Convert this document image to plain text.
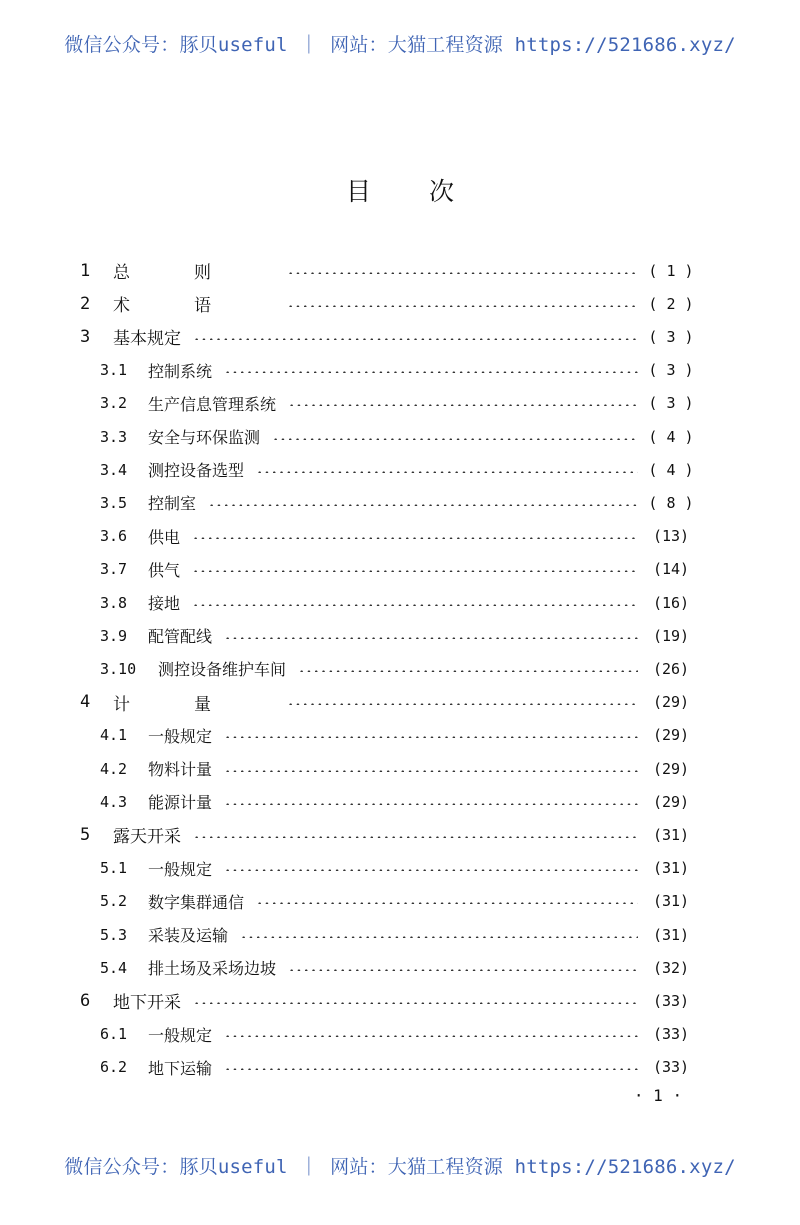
微信公众号：豚贝useful ｜ 网站：大猫工程资源 https://521686.xyz/
目次
1	总则	( 1 )
2	术语	( 2 )
3	基本规定	( 3 )
3.1	控制系统	( 3 )
3.2	生产信息管理系统	( 3 )
3.3	安全与环保监测	( 4 )
3.4	测控设备选型	( 4 )
3.5	控制室	( 8 )
3.6	供电	(13)
3.7	供气	(14)
3.8	接地	(16)
3.9	配管配线	(19)
3.10	测控设备维护车间	(26)
4	计量	(29)
4.1	一般规定	(29)
4.2	物料计量	(29)
4.3	能源计量	(29)
5	露天开采	(31)
5.1	一般规定	(31)
5.2	数字集群通信	(31)
5.3	采装及运输	(31)
5.4	排土场及采场边坡	(32)
6	地下开采	(33)
6.1	一般规定	(33)
6.2	地下运输	(33)
· 1 ·
微信公众号：豚贝useful ｜ 网站：大猫工程资源 https://521686.xyz/
